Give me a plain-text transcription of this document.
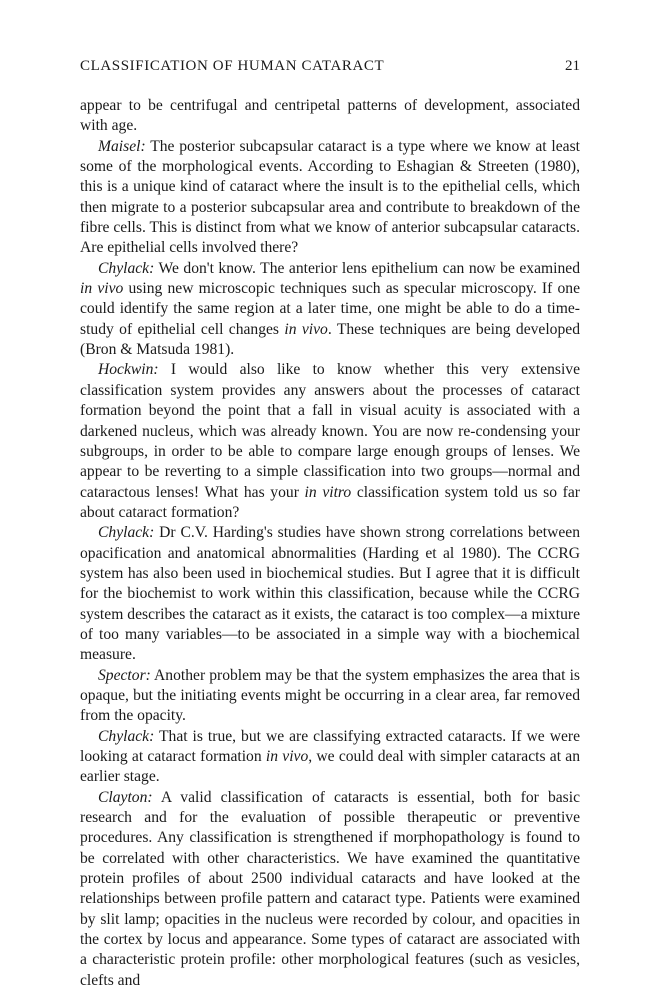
CLASSIFICATION OF HUMAN CATARACT	21

appear to be centrifugal and centripetal patterns of development, associated with age.

Maisel: The posterior subcapsular cataract is a type where we know at least some of the morphological events. According to Eshagian & Streeten (1980), this is a unique kind of cataract where the insult is to the epithelial cells, which then migrate to a posterior subcapsular area and contribute to breakdown of the fibre cells. This is distinct from what we know of anterior subcapsular cataracts. Are epithelial cells involved there?

Chylack: We don't know. The anterior lens epithelium can now be examined in vivo using new microscopic techniques such as specular microscopy. If one could identify the same region at a later time, one might be able to do a time-study of epithelial cell changes in vivo. These techniques are being developed (Bron & Matsuda 1981).

Hockwin: I would also like to know whether this very extensive classification system provides any answers about the processes of cataract formation beyond the point that a fall in visual acuity is associated with a darkened nucleus, which was already known. You are now re-condensing your subgroups, in order to be able to compare large enough groups of lenses. We appear to be reverting to a simple classification into two groups—normal and cataractous lenses! What has your in vitro classification system told us so far about cataract formation?

Chylack: Dr C.V. Harding's studies have shown strong correlations between opacification and anatomical abnormalities (Harding et al 1980). The CCRG system has also been used in biochemical studies. But I agree that it is difficult for the biochemist to work within this classification, because while the CCRG system describes the cataract as it exists, the cataract is too complex—a mixture of too many variables—to be associated in a simple way with a biochemical measure.

Spector: Another problem may be that the system emphasizes the area that is opaque, but the initiating events might be occurring in a clear area, far removed from the opacity.

Chylack: That is true, but we are classifying extracted cataracts. If we were looking at cataract formation in vivo, we could deal with simpler cataracts at an earlier stage.

Clayton: A valid classification of cataracts is essential, both for basic research and for the evaluation of possible therapeutic or preventive procedures. Any classification is strengthened if morphopathology is found to be correlated with other characteristics. We have examined the quantitative protein profiles of about 2500 individual cataracts and have looked at the relationships between profile pattern and cataract type. Patients were examined by slit lamp; opacities in the nucleus were recorded by colour, and opacities in the cortex by locus and appearance. Some types of cataract are associated with a characteristic protein profile: other morphological features (such as vesicles, clefts and
